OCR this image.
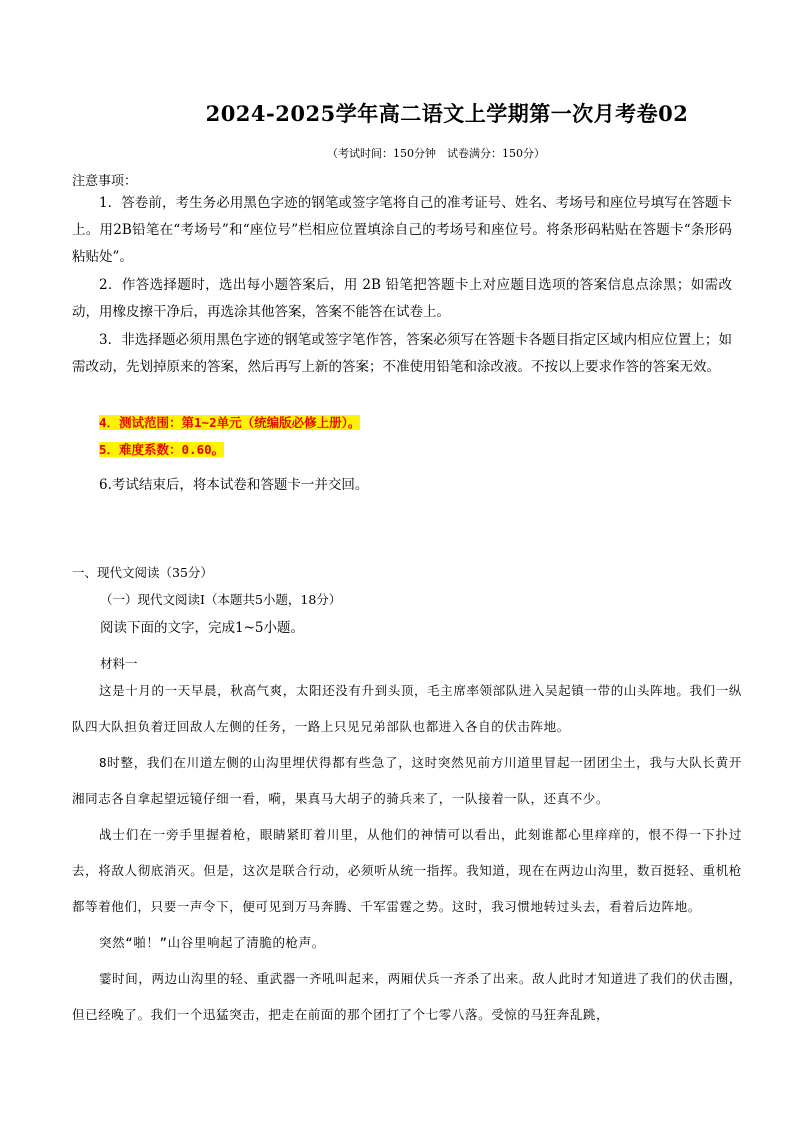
2024-2025学年高二语文上学期第一次月考卷02
（考试时间：150分钟　试卷满分：150分）
注意事项：
1．答卷前，考生务必用黑色字迹的钢笔或签字笔将自己的准考证号、姓名、考场号和座位号填写在答题卡上。用2B铅笔在“考场号”和“座位号”栏相应位置填涂自己的考场号和座位号。将条形码粘贴在答题卡“条形码粘贴处”。
2．作答选择题时，选出每小题答案后，用 2B 铅笔把答题卡上对应题目选项的答案信息点涂黑；如需改动，用橡皮擦干净后，再选涂其他答案，答案不能答在试卷上。
3．非选择题必须用黑色字迹的钢笔或签字笔作答，答案必须写在答题卡各题目指定区域内相应位置上；如需改动，先划掉原来的答案，然后再写上新的答案；不准使用铅笔和涂改液。不按以上要求作答的答案无效。
4．测试范围：第1~2单元（统编版必修上册）。
5．难度系数：0.60。
6.考试结束后，将本试卷和答题卡一并交回。
一、现代文阅读（35分）
（一）现代文阅读Ⅰ（本题共5小题，18分）
阅读下面的文字，完成1~5小题。
材料一
这是十月的一天早晨，秋高气爽，太阳还没有升到头顶，毛主席率领部队进入吴起镇一带的山头阵地。我们一纵队四大队担负着迂回敌人左侧的任务，一路上只见兄弟部队也都进入各自的伏击阵地。
8时整，我们在川道左侧的山沟里埋伏得都有些急了，这时突然见前方川道里冒起一团团尘土，我与大队长黄开湘同志各自拿起望远镜仔细一看，嗬，果真马大胡子的骑兵来了，一队接着一队，还真不少。
战士们在一旁手里握着枪，眼睛紧盯着川里，从他们的神情可以看出，此刻谁都心里痒痒的，恨不得一下扑过去，将敌人彻底消灭。但是，这次是联合行动，必须听从统一指挥。我知道，现在在两边山沟里，数百挺轻、重机枪都等着他们，只要一声令下，便可见到万马奔腾、千军雷霆之势。这时，我习惯地转过头去，看着后边阵地。
突然“啪！”山谷里响起了清脆的枪声。
霎时间，两边山沟里的轻、重武器一齐吼叫起来，两厢伏兵一齐杀了出来。敌人此时才知道进了我们的伏击圈，但已经晚了。我们一个迅猛突击，把走在前面的那个团打了个七零八落。受惊的马狂奔乱跳，
